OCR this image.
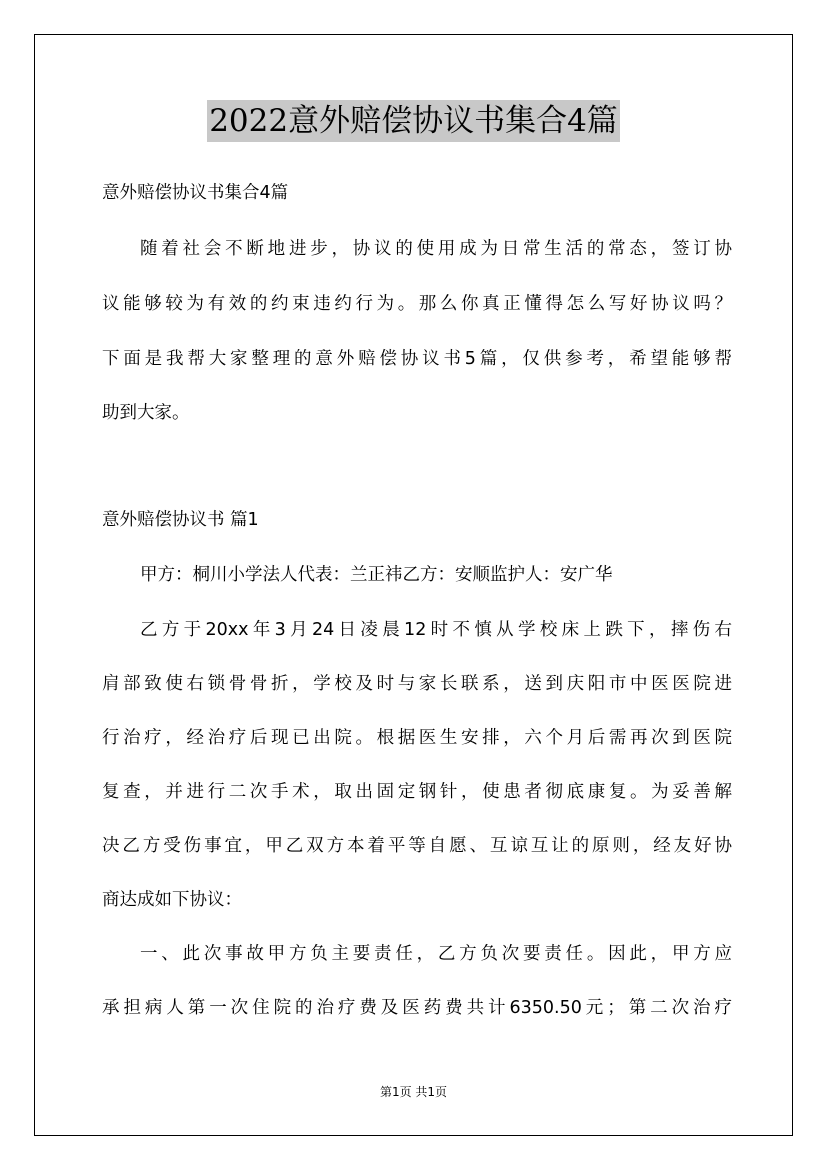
2022意外赔偿协议书集合4篇
意外赔偿协议书集合4篇
随着社会不断地进步，协议的使用成为日常生活的常态，签订协
议能够较为有效的约束违约行为。那么你真正懂得怎么写好协议吗？
下面是我帮大家整理的意外赔偿协议书5篇，仅供参考，希望能够帮
助到大家。
意外赔偿协议书 篇1
甲方：桐川小学法人代表：兰正祎乙方：安顺监护人：安广华
乙方于20xx年3月24日凌晨12时不慎从学校床上跌下，摔伤右
肩部致使右锁骨骨折，学校及时与家长联系，送到庆阳市中医医院进
行治疗，经治疗后现已出院。根据医生安排，六个月后需再次到医院
复查，并进行二次手术，取出固定钢针，使患者彻底康复。为妥善解
决乙方受伤事宜，甲乙双方本着平等自愿、互谅互让的原则，经友好协
商达成如下协议：
一、此次事故甲方负主要责任，乙方负次要责任。因此，甲方应
承担病人第一次住院的治疗费及医药费共计6350.50元；第二次治疗
第1页 共1页
